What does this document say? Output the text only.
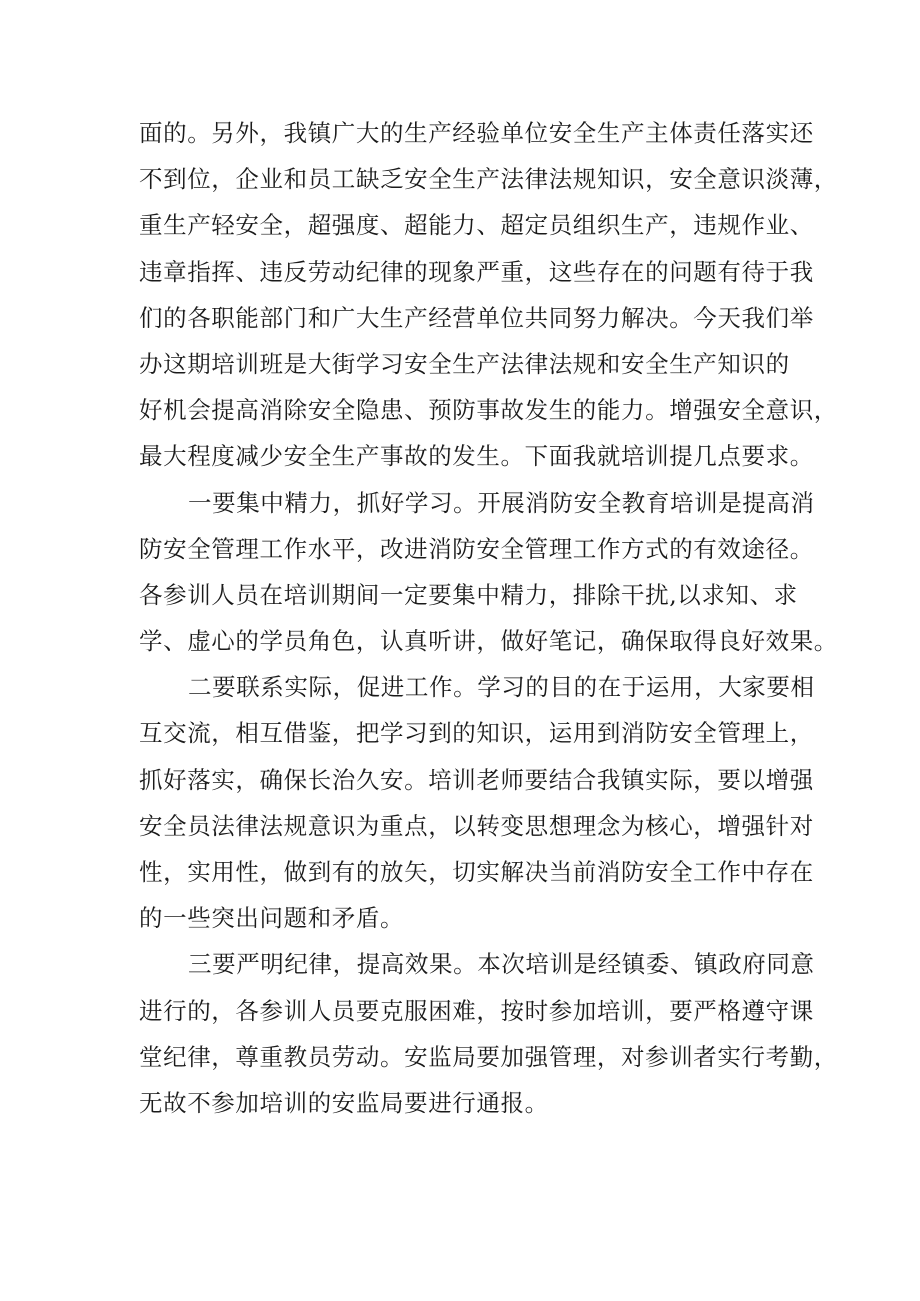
面的。另外，我镇广大的生产经验单位安全生产主体责任落实还
不到位，企业和员工缺乏安全生产法律法规知识，安全意识淡薄，
重生产轻安全，超强度、超能力、超定员组织生产，违规作业、
违章指挥、违反劳动纪律的现象严重，这些存在的问题有待于我
们的各职能部门和广大生产经营单位共同努力解决。今天我们举
办这期培训班是大街学习安全生产法律法规和安全生产知识的
好机会提高消除安全隐患、预防事故发生的能力。增强安全意识，
最大程度减少安全生产事故的发生。下面我就培训提几点要求。
一要集中精力，抓好学习。开展消防安全教育培训是提高消
防安全管理工作水平，改进消防安全管理工作方式的有效途径。
各参训人员在培训期间一定要集中精力，排除干扰,以求知、求
学、虚心的学员角色，认真听讲，做好笔记，确保取得良好效果。
二要联系实际，促进工作。学习的目的在于运用，大家要相
互交流，相互借鉴，把学习到的知识，运用到消防安全管理上，
抓好落实，确保长治久安。培训老师要结合我镇实际，要以增强
安全员法律法规意识为重点，以转变思想理念为核心，增强针对
性，实用性，做到有的放矢，切实解决当前消防安全工作中存在
的一些突出问题和矛盾。
三要严明纪律，提高效果。本次培训是经镇委、镇政府同意
进行的，各参训人员要克服困难，按时参加培训，要严格遵守课
堂纪律，尊重教员劳动。安监局要加强管理，对参训者实行考勤，
无故不参加培训的安监局要进行通报。
